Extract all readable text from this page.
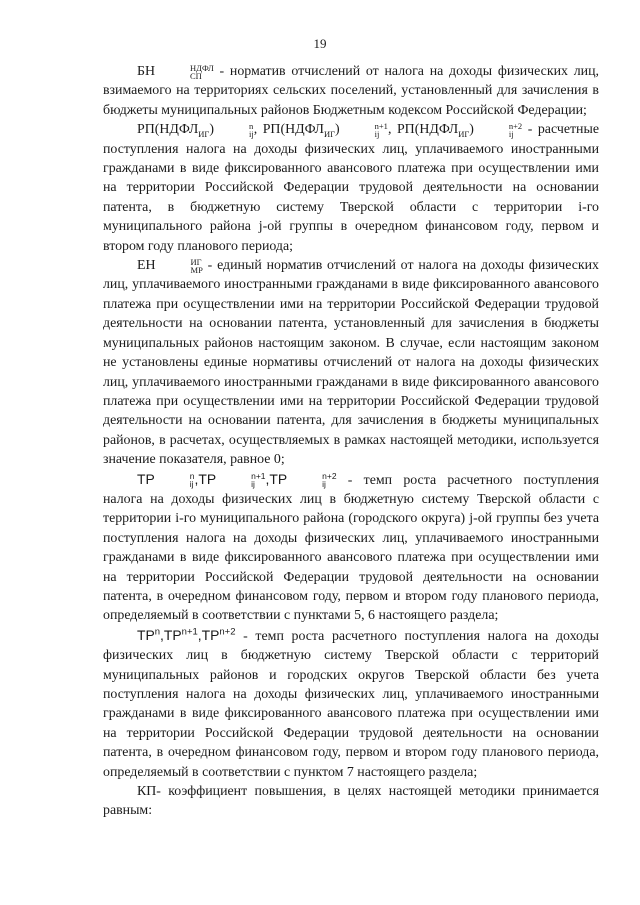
19

БН	НДФЛ
СП - норматив отчислений от налога на доходы физических лиц, взимаемого на территориях сельских поселений, установленный для зачисления в бюджеты муниципальных районов Бюджетным кодексом Российской Федерации;

$РП(НДФЛ_{ИГ})$	n
ij , $РП(НДФЛ_{ИГ})$	n+1
ij , $РП(НДФЛ_{ИГ})$	n+2
ij - расчетные поступления налога на доходы физических лиц, уплачиваемого иностранными гражданами в виде фиксированного авансового платежа при осуществлении ими на территории Российской Федерации трудовой деятельности на основании патента, в бюджетную систему Тверской области с территории i-го муниципального района j-ой группы в очередном финансовом году, первом и втором году планового периода;

ЕН	ИГ
МР - единый норматив отчислений от налога на доходы физических лиц, уплачиваемого иностранными гражданами в виде фиксированного авансового платежа при осуществлении ими на территории Российской Федерации трудовой деятельности на основании патента, установленный для зачисления в бюджеты муниципальных районов настоящим законом. В случае, если настоящим законом не установлены единые нормативы отчислений от налога на доходы физических лиц, уплачиваемого иностранными гражданами в виде фиксированного авансового платежа при осуществлении ими на территории Российской Федерации трудовой деятельности на основании патента, для зачисления в бюджеты муниципальных районов, в расчетах, осуществляемых в рамках настоящей методики, используется значение показателя, равное 0;

TP	n
ij ,TP	n+1
ij ,TP	n+2
ij - темп роста расчетного поступления налога на доходы физических лиц в бюджетную систему Тверской области с территории i-го муниципального района (городского округа) j-ой группы без учета поступления налога на доходы физических лиц, уплачиваемого иностранными гражданами в виде фиксированного авансового платежа при осуществлении ими на территории Российской Федерации трудовой деятельности на основании патента, в очередном финансовом году, первом и втором году планового периода, определяемый в соответствии с пунктами 5, 6 настоящего раздела;

$TP^n,TP^{n+1},TP^{n+2}$ - темп роста расчетного поступления налога на доходы физических лиц в бюджетную систему Тверской области с территорий муниципальных районов и городских округов Тверской области без учета поступления налога на доходы физических лиц, уплачиваемого иностранными гражданами в виде фиксированного авансового платежа при осуществлении ими на территории Российской Федерации трудовой деятельности на основании патента, в очередном финансовом году, первом и втором году планового периода, определяемый в соответствии с пунктом 7 настоящего раздела;

КП- коэффициент повышения, в целях настоящей методики принимается равным:
